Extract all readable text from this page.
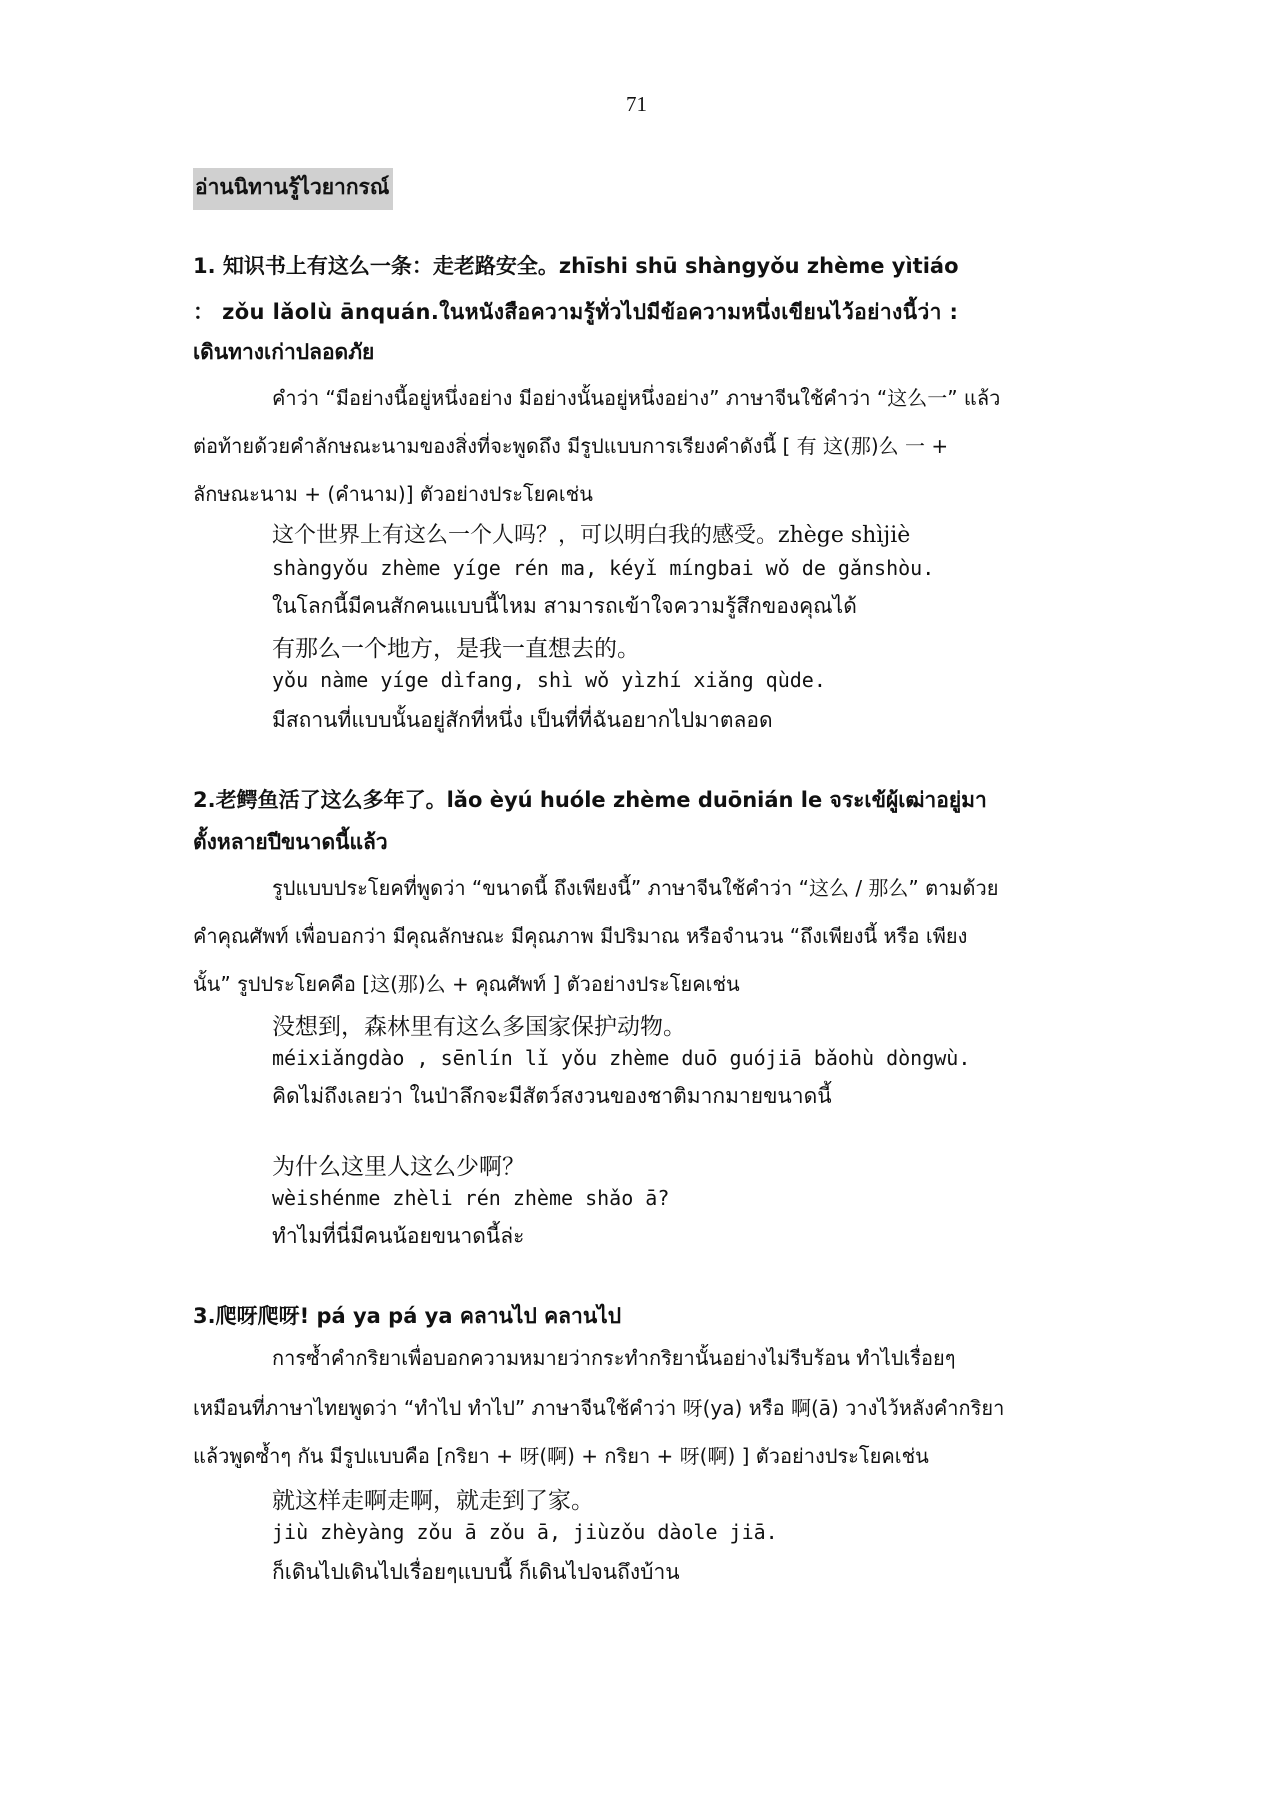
71
อ่านนิทานรู้ไวยากรณ์
1. 知识书上有这么一条：走老路安全。zhīshi shū shàngyǒu zhème yìtiáo
： zǒu lǎolù ānquán.ในหนังสือความรู้ทั่วไปมีข้อความหนึ่งเขียนไว้อย่างนี้ว่า :
เดินทางเก่าปลอดภัย
คำว่า “มีอย่างนี้อยู่หนึ่งอย่าง มีอย่างนั้นอยู่หนึ่งอย่าง” ภาษาจีนใช้คำว่า “这么一” แล้ว
ต่อท้ายด้วยคำลักษณะนามของสิ่งที่จะพูดถึง มีรูปแบบการเรียงคำดังนี้ [ 有 这(那)么 一 +
ลักษณะนาม + (คำนาม)] ตัวอย่างประโยคเช่น
这个世界上有这么一个人吗？，可以明白我的感受。zhège shìjiè
shàngyǒu zhème yíge rén ma, kéyǐ míngbai wǒ de gǎnshòu.
ในโลกนี้มีคนสักคนแบบนี้ไหม สามารถเข้าใจความรู้สึกของคุณได้
有那么一个地方，是我一直想去的。
yǒu nàme yíge dìfang, shì wǒ yìzhí xiǎng qùde.
มีสถานที่แบบนั้นอยู่สักที่หนึ่ง เป็นที่ที่ฉันอยากไปมาตลอด
2.老鳄鱼活了这么多年了。lǎo èyú huóle zhème duōnián le จระเข้ผู้เฒ่าอยู่มา
ตั้งหลายปีขนาดนี้แล้ว
รูปแบบประโยคที่พูดว่า “ขนาดนี้ ถึงเพียงนี้” ภาษาจีนใช้คำว่า “这么 / 那么” ตามด้วย
คำคุณศัพท์ เพื่อบอกว่า มีคุณลักษณะ มีคุณภาพ มีปริมาณ หรือจำนวน “ถึงเพียงนี้ หรือ เพียง
นั้น” รูปประโยคคือ [这(那)么 + คุณศัพท์ ] ตัวอย่างประโยคเช่น
没想到，森林里有这么多国家保护动物。
méixiǎngdào , sēnlín lǐ yǒu zhème duō guójiā bǎohù dòngwù.
คิดไม่ถึงเลยว่า ในป่าลึกจะมีสัตว์สงวนของชาติมากมายขนาดนี้
为什么这里人这么少啊？
wèishénme zhèli rén zhème shǎo ā?
ทำไมที่นี่มีคนน้อยขนาดนี้ล่ะ
3.爬呀爬呀! pá ya pá ya คลานไป คลานไป
การซ้ำคำกริยาเพื่อบอกความหมายว่ากระทำกริยานั้นอย่างไม่รีบร้อน ทำไปเรื่อยๆ
เหมือนที่ภาษาไทยพูดว่า “ทำไป ทำไป” ภาษาจีนใช้คำว่า 呀(ya) หรือ 啊(ā) วางไว้หลังคำกริยา
แล้วพูดซ้ำๆ กัน มีรูปแบบคือ [กริยา + 呀(啊) + กริยา + 呀(啊) ] ตัวอย่างประโยคเช่น
就这样走啊走啊，就走到了家。
jiù zhèyàng zǒu ā zǒu ā, jiùzǒu dàole jiā.
ก็เดินไปเดินไปเรื่อยๆแบบนี้ ก็เดินไปจนถึงบ้าน
